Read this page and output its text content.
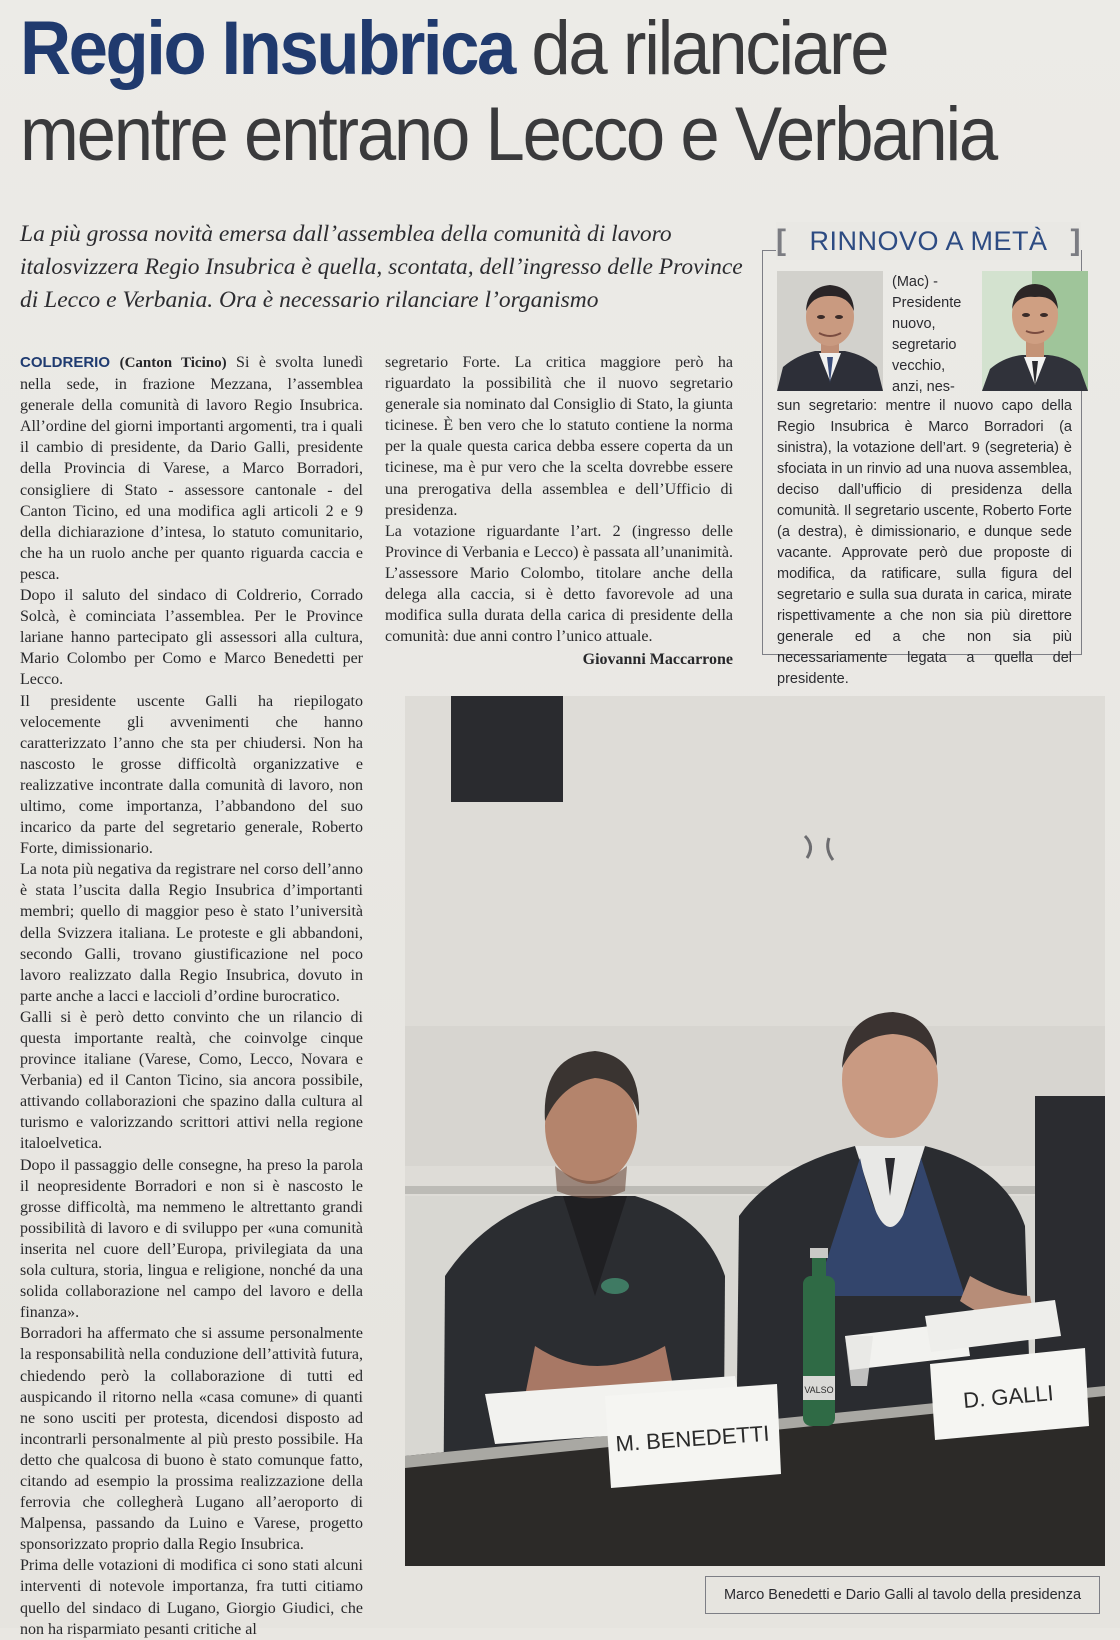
Regio Insubrica da rilanciare
mentre entrano Lecco e Verbania

La più grossa novità emersa dall’assemblea della comunità di lavoro italosvizzera Regio Insubrica è quella, scontata, dell’ingresso delle Province di Lecco e Verbania. Ora è necessario rilanciare l’organismo

COLDRERIO (Canton Ticino) Si è svolta lunedì nella sede, in frazione Mezzana, l’assemblea generale della comunità di lavoro Regio Insubrica. All’ordine del giorni importanti argomenti, tra i quali il cambio di presidente, da Dario Galli, presidente della Provincia di Varese, a Marco Borradori, consigliere di Stato - assessore cantonale - del Canton Ticino, ed una modifica agli articoli 2 e 9 della dichiarazione d’intesa, lo statuto comunitario, che ha un ruolo anche per quanto riguarda caccia e pesca.

Dopo il saluto del sindaco di Coldrerio, Corrado Solcà, è cominciata l’assemblea. Per le Province lariane hanno partecipato gli assessori alla cultura, Mario Colombo per Como e Marco Benedetti per Lecco.

Il presidente uscente Galli ha riepilogato velocemente gli avvenimenti che hanno caratterizzato l’anno che sta per chiudersi. Non ha nascosto le grosse difficoltà organizzative e realizzative incontrate dalla comunità di lavoro, non ultimo, come importanza, l’abbandono del suo incarico da parte del segretario generale, Roberto Forte, dimissionario.

La nota più negativa da registrare nel corso dell’anno è stata l’uscita dalla Regio Insubrica d’importanti membri; quello di maggior peso è stato l’università della Svizzera italiana. Le proteste e gli abbandoni, secondo Galli, trovano giustificazione nel poco lavoro realizzato dalla Regio Insubrica, dovuto in parte anche a lacci e laccioli d’ordine burocratico.

Galli si è però detto convinto che un rilancio di questa importante realtà, che coinvolge cinque province italiane (Varese, Como, Lecco, Novara e Verbania) ed il Canton Ticino, sia ancora possibile, attivando collaborazioni che spazino dalla cultura al turismo e valorizzando scrittori attivi nella regione italoelvetica.

Dopo il passaggio delle consegne, ha preso la parola il neopresidente Borradori e non si è nascosto le grosse difficoltà, ma nemmeno le altrettanto grandi possibilità di lavoro e di sviluppo per «una comunità inserita nel cuore dell’Europa, privilegiata da una sola cultura, storia, lingua e religione, nonché da una solida collaborazione nel campo del lavoro e della finanza».

Borradori ha affermato che si assume personalmente la responsabilità nella conduzione dell’attività futura, chiedendo però la collaborazione di tutti ed auspicando il ritorno nella «casa comune» di quanti ne sono usciti per protesta, dicendosi disposto ad incontrarli personalmente al più presto possibile. Ha detto che qualcosa di buono è stato comunque fatto, citando ad esempio la prossima realizzazione della ferrovia che collegherà Lugano all’aeroporto di Malpensa, passando da Luino e Varese, progetto sponsorizzato proprio dalla Regio Insubrica.

Prima delle votazioni di modifica ci sono stati alcuni interventi di notevole importanza, fra tutti citiamo quello del sindaco di Lugano, Giorgio Giudici, che non ha risparmiato pesanti critiche al

segretario Forte. La critica maggiore però ha riguardato la possibilità che il nuovo segretario generale sia nominato dal Consiglio di Stato, la giunta ticinese. È ben vero che lo statuto contiene la norma per la quale questa carica debba essere coperta da un ticinese, ma è pur vero che la scelta dovrebbe essere una prerogativa della assemblea e dell’Ufficio di presidenza.

La votazione riguardante l’art. 2 (ingresso delle Province di Verbania e Lecco) è passata all’unanimità. L’assessore Mario Colombo, titolare anche della delega alla caccia, si è detto favorevole ad una modifica sulla durata della carica di presidente della comunità: due anni contro l’unico attuale.

Giovanni Maccarrone

[ RINNOVO A METÀ ]
(Mac) - Presidente nuovo, segretario vecchio, anzi, nes-
sun segretario: mentre il nuovo capo della Regio Insubrica è Marco Borradori (a sinistra), la votazione dell’art. 9 (segreteria) è sfociata in un rinvio ad una nuova assemblea, deciso dall’ufficio di presidenza della comunità. Il segretario uscente, Roberto Forte (a destra), è dimissionario, e dunque sede vacante. Approvate però due proposte di modifica, da ratificare, sulla figura del segretario e sulla sua durata in carica, mirate rispettivamente a che non sia più direttore generale ed a che non sia più necessariamente legata a quella del presidente.
VALSO
M. BENEDETTI
D. GALLI
Marco Benedetti e Dario Galli al tavolo della presidenza
